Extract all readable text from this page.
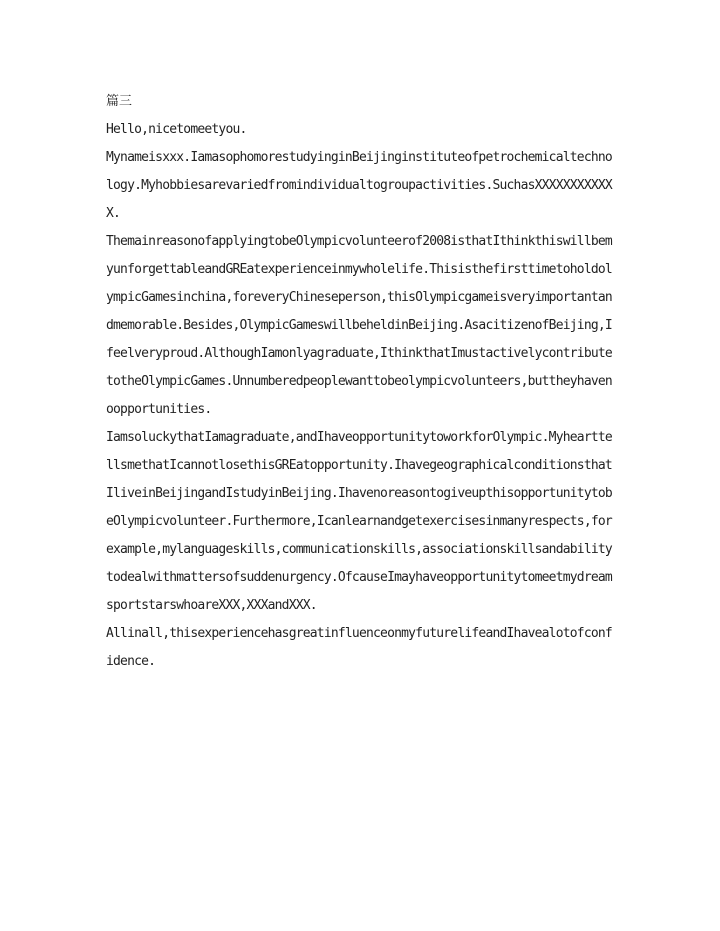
篇三
Hello,nicetomeetyou.
Mynameisxxx.IamasophomorestudyinginBeijinginstituteofpetrochemicaltechno
logy.Myhobbiesarevariedfromindividualtogroupactivities.SuchasXXXXXXXXXXX
X.
ThemainreasonofapplyingtobeOlympicvolunteerof2008isthatIthinkthiswillbem
yunforgettableandGREatexperienceinmywholelife.Thisisthefirsttimetoholdol
ympicGamesinchina,foreveryChineseperson,thisOlympicgameisveryimportantan
dmemorable.Besides,OlympicGameswillbeheldinBeijing.AsacitizenofBeijing,I
feelveryproud.AlthoughIamonlyagraduate,IthinkthatImustactivelycontribute
totheOlympicGames.Unnumberedpeoplewanttobeolympicvolunteers,buttheyhaven
oopportunities.
IamsoluckythatIamagraduate,andIhaveopportunitytoworkforOlympic.Myheartte
llsmethatIcannotlosethisGREatopportunity.Ihavegeographicalconditionsthat
IliveinBeijingandIstudyinBeijing.Ihavenoreasontogiveupthisopportunitytob
eOlympicvolunteer.Furthermore,Icanlearnandgetexercisesinmanyrespects,for
example,mylanguageskills,communicationskills,associationskillsandability
todealwithmattersofsuddenurgency.OfcauseImayhaveopportunitytomeetmydream
sportstarswhoareXXX,XXXandXXX.
Allinall,thisexperiencehasgreatinfluenceonmyfuturelifeandIhavealotofconf
idence.
